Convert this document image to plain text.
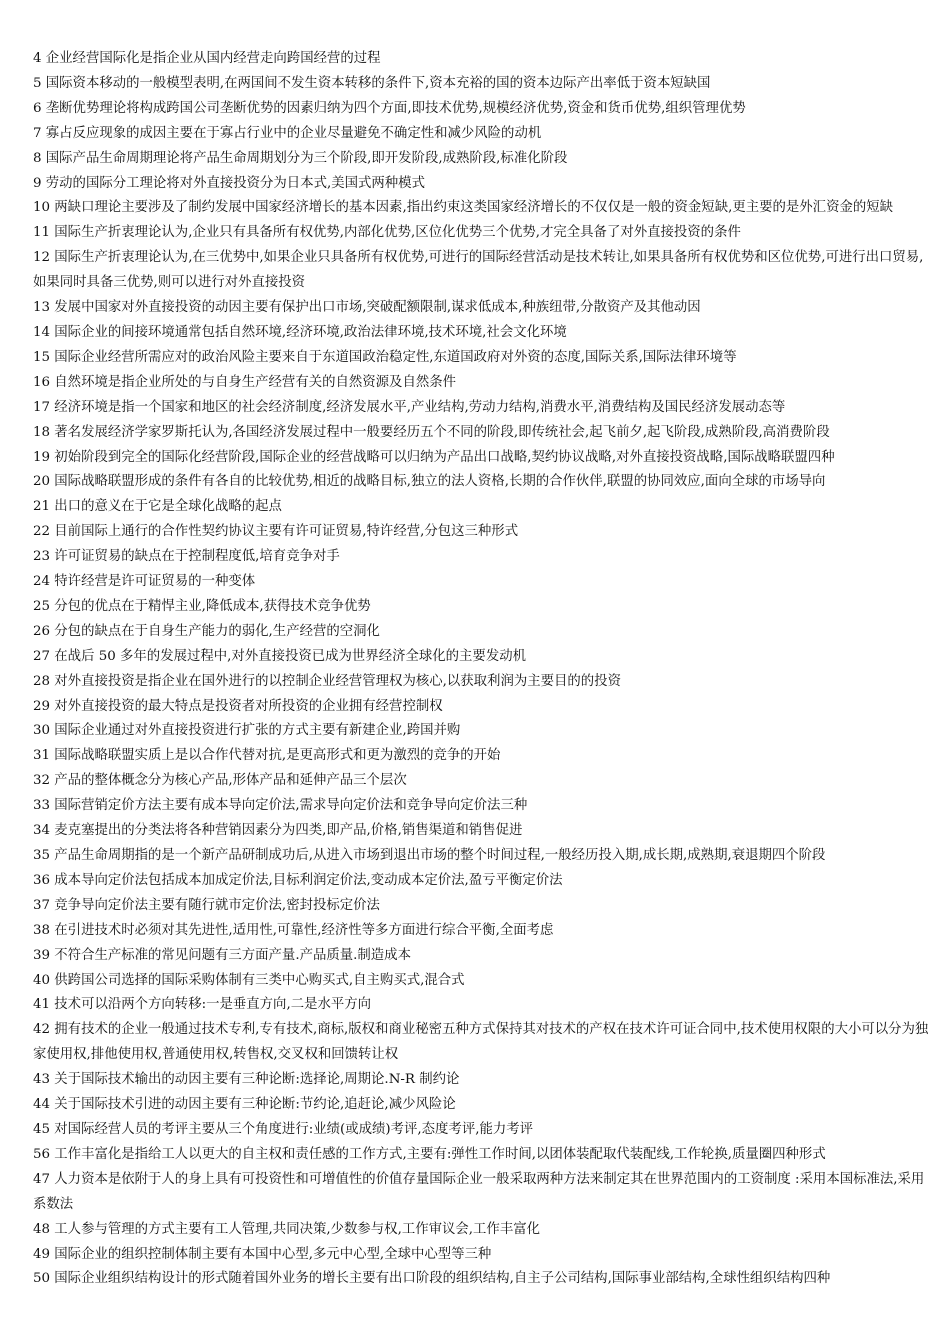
4 企业经营国际化是指企业从国内经营走向跨国经营的过程
5 国际资本移动的一般模型表明,在两国间不发生资本转移的条件下,资本充裕的国的资本边际产出率低于资本短缺国
6 垄断优势理论将构成跨国公司垄断优势的因素归纳为四个方面,即技术优势,规模经济优势,资金和货币优势,组织管理优势
7 寡占反应现象的成因主要在于寡占行业中的企业尽量避免不确定性和减少风险的动机
8 国际产品生命周期理论将产品生命周期划分为三个阶段,即开发阶段,成熟阶段,标准化阶段
9 劳动的国际分工理论将对外直接投资分为日本式,美国式两种模式
10 两缺口理论主要涉及了制约发展中国家经济增长的基本因素,指出约束这类国家经济增长的不仅仅是一般的资金短缺,更主要的是外汇资金的短缺
11 国际生产折衷理论认为,企业只有具备所有权优势,内部化优势,区位化优势三个优势,才完全具备了对外直接投资的条件
12 国际生产折衷理论认为,在三优势中,如果企业只具备所有权优势,可进行的国际经营活动是技术转让,如果具备所有权优势和区位优势,可进行出口贸易,如果同时具备三优势,则可以进行对外直接投资
13 发展中国家对外直接投资的动因主要有保护出口市场,突破配额限制,谋求低成本,种族纽带,分散资产及其他动因
14 国际企业的间接环境通常包括自然环境,经济环境,政治法律环境,技术环境,社会文化环境
15 国际企业经营所需应对的政治风险主要来自于东道国政治稳定性,东道国政府对外资的态度,国际关系,国际法律环境等
16 自然环境是指企业所处的与自身生产经营有关的自然资源及自然条件
17 经济环境是指一个国家和地区的社会经济制度,经济发展水平,产业结构,劳动力结构,消费水平,消费结构及国民经济发展动态等
18 著名发展经济学家罗斯托认为,各国经济发展过程中一般要经历五个不同的阶段,即传统社会,起飞前夕,起飞阶段,成熟阶段,高消费阶段
19 初始阶段到完全的国际化经营阶段,国际企业的经营战略可以归纳为产品出口战略,契约协议战略,对外直接投资战略,国际战略联盟四种
20 国际战略联盟形成的条件有各自的比较优势,相近的战略目标,独立的法人资格,长期的合作伙伴,联盟的协同效应,面向全球的市场导向
21 出口的意义在于它是全球化战略的起点
22 目前国际上通行的合作性契约协议主要有许可证贸易,特许经营,分包这三种形式
23 许可证贸易的缺点在于控制程度低,培育竞争对手
24 特许经营是许可证贸易的一种变体
25 分包的优点在于精悍主业,降低成本,获得技术竞争优势
26 分包的缺点在于自身生产能力的弱化,生产经营的空洞化
27 在战后 50 多年的发展过程中,对外直接投资已成为世界经济全球化的主要发动机
28 对外直接投资是指企业在国外进行的以控制企业经营管理权为核心,以获取利润为主要目的的投资
29 对外直接投资的最大特点是投资者对所投资的企业拥有经营控制权
30 国际企业通过对外直接投资进行扩张的方式主要有新建企业,跨国并购
31 国际战略联盟实质上是以合作代替对抗,是更高形式和更为激烈的竞争的开始
32 产品的整体概念分为核心产品,形体产品和延伸产品三个层次
33 国际营销定价方法主要有成本导向定价法,需求导向定价法和竞争导向定价法三种
34 麦克塞提出的分类法将各种营销因素分为四类,即产品,价格,销售渠道和销售促进
35 产品生命周期指的是一个新产品研制成功后,从进入市场到退出市场的整个时间过程,一般经历投入期,成长期,成熟期,衰退期四个阶段
36 成本导向定价法包括成本加成定价法,目标利润定价法,变动成本定价法,盈亏平衡定价法
37 竞争导向定价法主要有随行就市定价法,密封投标定价法
38 在引进技术时必须对其先进性,适用性,可靠性,经济性等多方面进行综合平衡,全面考虑
39 不符合生产标准的常见问题有三方面产量.产品质量.制造成本
40 供跨国公司选择的国际采购体制有三类中心购买式,自主购买式,混合式
41 技术可以沿两个方向转移:一是垂直方向,二是水平方向
42 拥有技术的企业一般通过技术专利,专有技术,商标,版权和商业秘密五种方式保持其对技术的产权在技术许可证合同中,技术使用权限的大小可以分为独家使用权,排他使用权,普通使用权,转售权,交叉权和回馈转让权
43 关于国际技术输出的动因主要有三种论断:选择论,周期论.N-R 制约论
44 关于国际技术引进的动因主要有三种论断:节约论,追赶论,减少风险论
45 对国际经营人员的考评主要从三个角度进行:业绩(或成绩)考评,态度考评,能力考评
56 工作丰富化是指给工人以更大的自主权和责任感的工作方式,主要有:弹性工作时间,以团体装配取代装配线,工作轮换,质量圈四种形式
47 人力资本是依附于人的身上具有可投资性和可增值性的价值存量国际企业一般采取两种方法来制定其在世界范围内的工资制度 :采用本国标准法,采用系数法
48 工人参与管理的方式主要有工人管理,共同决策,少数参与权,工作审议会,工作丰富化
49 国际企业的组织控制体制主要有本国中心型,多元中心型,全球中心型等三种
50 国际企业组织结构设计的形式随着国外业务的增长主要有出口阶段的组织结构,自主子公司结构,国际事业部结构,全球性组织结构四种
